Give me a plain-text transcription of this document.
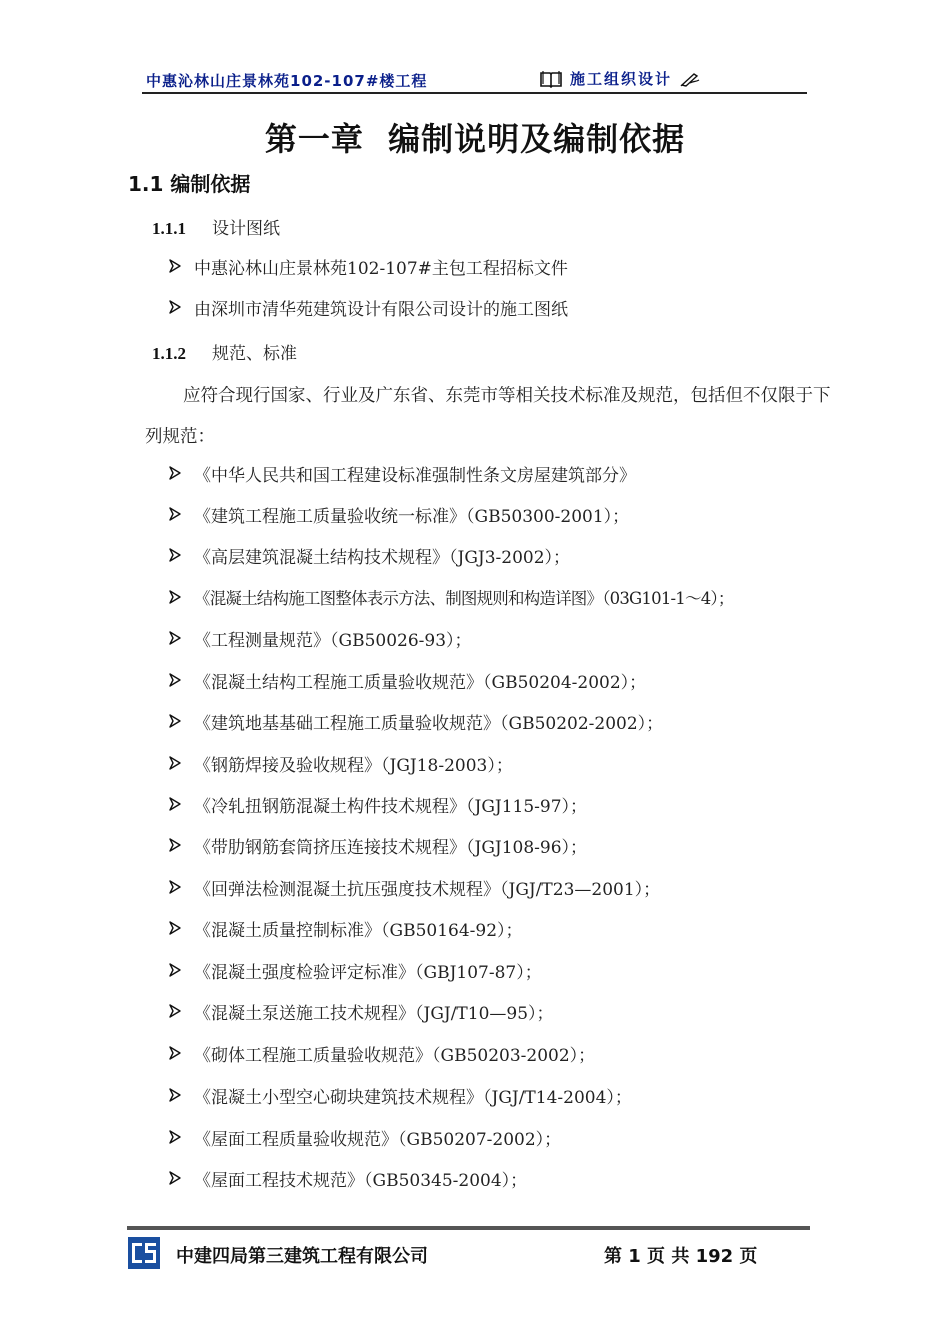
中惠沁林山庄景林苑102-107#楼工程	施工组织设计
第一章  编制说明及编制依据
1.1 编制依据
1.1.1 设计图纸
中惠沁林山庄景林苑102-107#主包工程招标文件
由深圳市清华苑建筑设计有限公司设计的施工图纸
1.1.2 规范、标准
应符合现行国家、行业及广东省、东莞市等相关技术标准及规范，包括但不仅限于下列规范：
《中华人民共和国工程建设标准强制性条文房屋建筑部分》
《建筑工程施工质量验收统一标准》（GB50300-2001）；
《高层建筑混凝土结构技术规程》（JGJ3-2002）；
《混凝土结构施工图整体表示方法、制图规则和构造详图》（03G101-1～4）；
《工程测量规范》（GB50026-93）；
《混凝土结构工程施工质量验收规范》（GB50204-2002）；
《建筑地基基础工程施工质量验收规范》（GB50202-2002）；
《钢筋焊接及验收规程》（JGJ18-2003）；
《冷轧扭钢筋混凝土构件技术规程》（JGJ115-97）；
《带肋钢筋套筒挤压连接技术规程》（JGJ108-96）；
《回弹法检测混凝土抗压强度技术规程》（JGJ/T23—2001）；
《混凝土质量控制标准》（GB50164-92）；
《混凝土强度检验评定标准》（GBJ107-87）；
《混凝土泵送施工技术规程》（JGJ/T10—95）；
《砌体工程施工质量验收规范》（GB50203-2002）；
《混凝土小型空心砌块建筑技术规程》（JGJ/T14-2004）；
《屋面工程质量验收规范》（GB50207-2002）；
《屋面工程技术规范》（GB50345-2004）；
中建四局第三建筑工程有限公司	第 1 页 共 192 页
